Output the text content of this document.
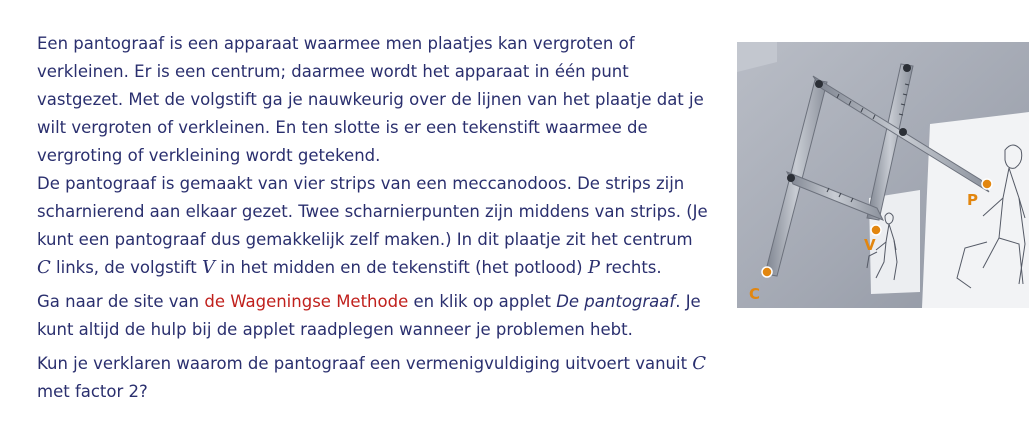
Een pantograaf is een apparaat waarmee men plaatjes kan vergroten of verkleinen. Er is een centrum; daarmee wordt het apparaat in één punt vastgezet. Met de volgstift ga je nauwkeurig over de lijnen van het plaatje dat je wilt vergroten of verkleinen. En ten slotte is er een tekenstift waarmee de vergroting of verkleining wordt getekend.
De pantograaf is gemaakt van vier strips van een meccanodoos. De strips zijn scharnierend aan elkaar gezet. Twee scharnierpunten zijn middens van strips. (Je kunt een pantograaf dus gemakkelijk zelf maken.) In dit plaatje zit het centrum C links, de volgstift V in het midden en de tekenstift (het potlood) P rechts.

Ga naar de site van de Wageningse Methode en klik op applet De pantograaf. Je kunt altijd de hulp bij de applet raadplegen wanneer je problemen hebt.

Kun je verklaren waarom de pantograaf een vermenigvuldiging uitvoert vanuit C
met factor 2?

C
V
P
